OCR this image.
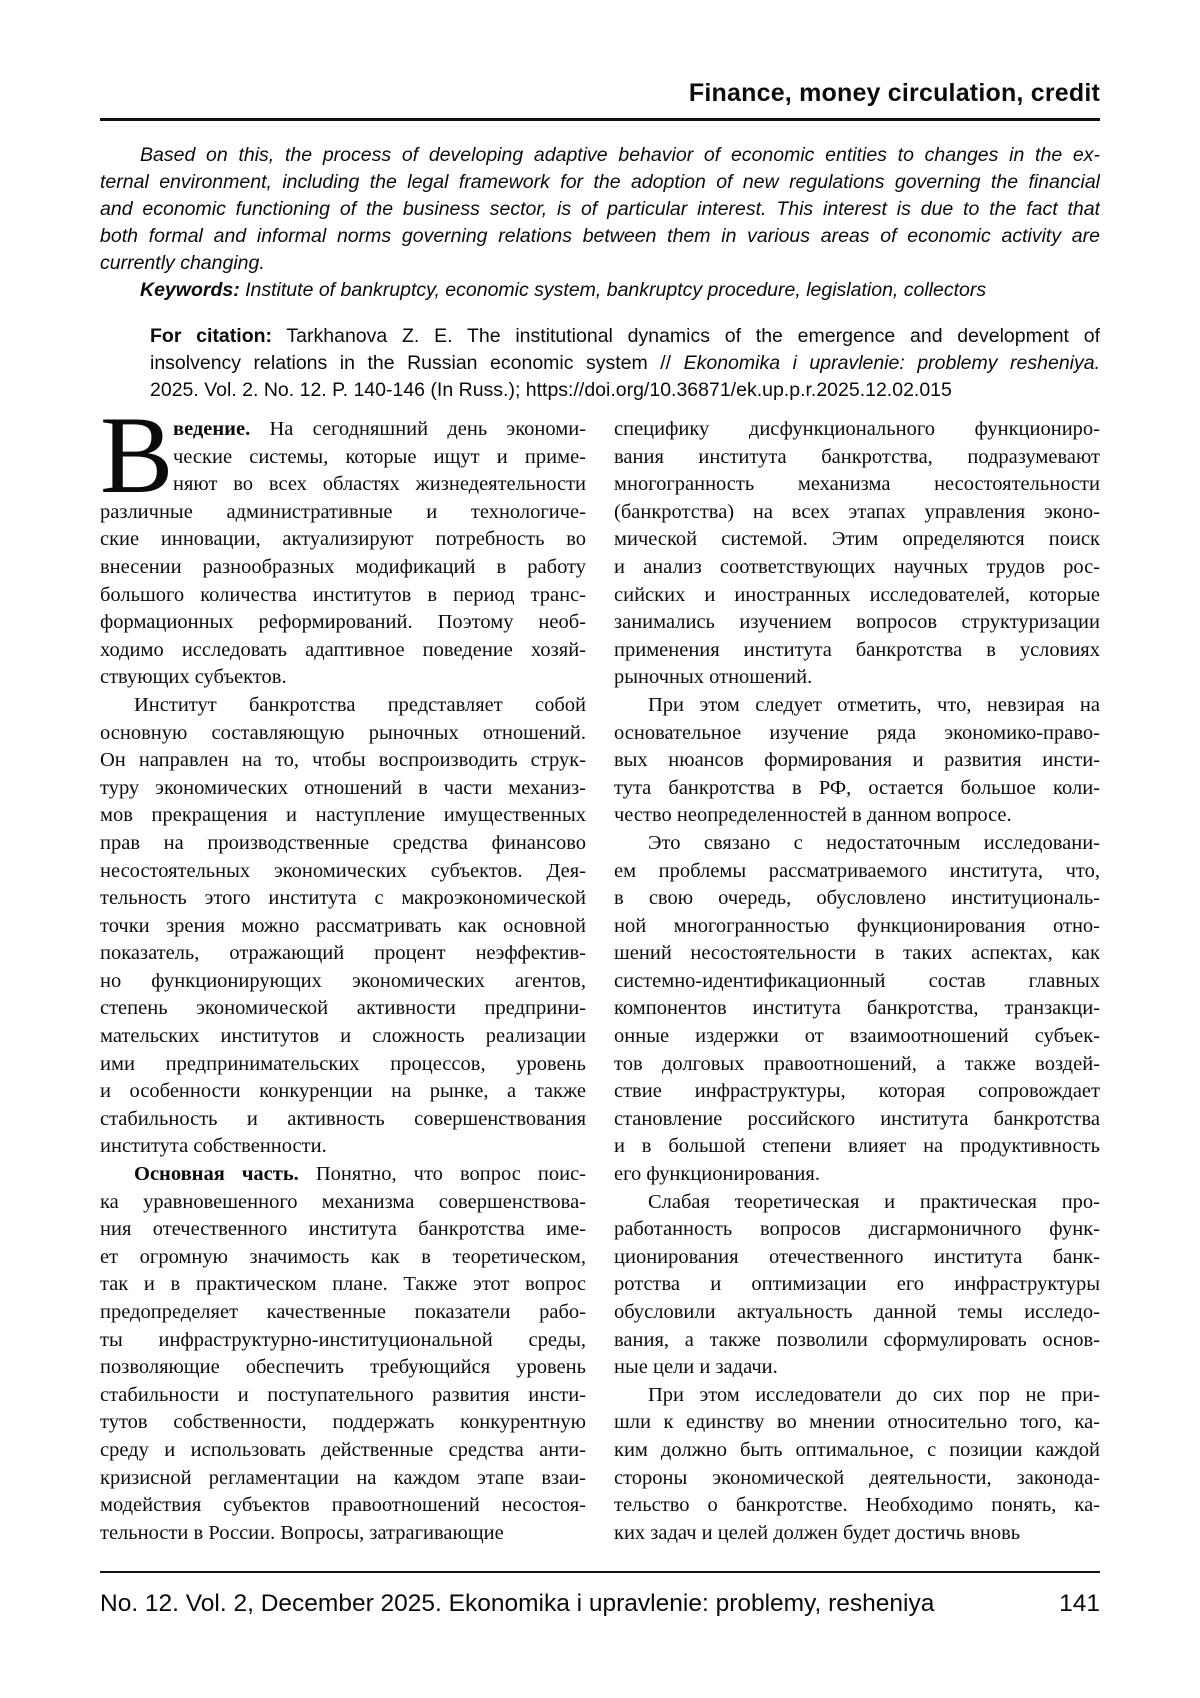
Finance, money circulation, credit
Based on this, the process of developing adaptive behavior of economic entities to changes in the ex-
ternal environment, including the legal framework for the adoption of new regulations governing the financial
and economic functioning of the business sector, is of particular interest. This interest is due to the fact that
both formal and informal norms governing relations between them in various areas of economic activity are
currently changing.
Keywords: Institute of bankruptcy, economic system, bankruptcy procedure, legislation, collectors
For citation: Tarkhanova Z. E. The institutional dynamics of the emergence and development of
insolvency relations in the Russian economic system // Ekonomika i upravlenie: problemy resheniya.
2025. Vol. 2. No. 12. P. 140-146 (In Russ.); https://doi.org/10.36871/ek.up.p.r.2025.12.02.015
В ведение. На сегодняшний день экономи-
ческие системы, которые ищут и приме-
няют во всех областях жизнедеятельности
различные административные и технологиче-
ские инновации, актуализируют потребность во
внесении разнообразных модификаций в работу
большого количества институтов в период транс-
формационных реформирований. Поэтому необ-
ходимо исследовать адаптивное поведение хозяй-
ствующих субъектов.
Институт банкротства представляет собой
основную составляющую рыночных отношений.
Он направлен на то, чтобы воспроизводить струк-
туру экономических отношений в части механиз-
мов прекращения и наступление имущественных
прав на производственные средства финансово
несостоятельных экономических субъектов. Дея-
тельность этого института с макроэкономической
точки зрения можно рассматривать как основной
показатель, отражающий процент неэффектив-
но функционирующих экономических агентов,
степень экономической активности предприни-
мательских институтов и сложность реализации
ими предпринимательских процессов, уровень
и особенности конкуренции на рынке, а также
стабильность и активность совершенствования
института собственности.
Основная часть. Понятно, что вопрос поис-
ка уравновешенного механизма совершенствова-
ния отечественного института банкротства име-
ет огромную значимость как в теоретическом,
так и в практическом плане. Также этот вопрос
предопределяет качественные показатели рабо-
ты инфраструктурно-институциональной среды,
позволяющие обеспечить требующийся уровень
стабильности и поступательного развития инсти-
тутов собственности, поддержать конкурентную
среду и использовать действенные средства анти-
кризисной регламентации на каждом этапе взаи-
модействия субъектов правоотношений несостоя-
тельности в России. Вопросы, затрагивающие
специфику дисфункционального функциониро-
вания института банкротства, подразумевают
многогранность механизма несостоятельности
(банкротства) на всех этапах управления эконо-
мической системой. Этим определяются поиск
и анализ соответствующих научных трудов рос-
сийских и иностранных исследователей, которые
занимались изучением вопросов структуризации
применения института банкротства в условиях
рыночных отношений.
При этом следует отметить, что, невзирая на
основательное изучение ряда экономико-право-
вых нюансов формирования и развития инсти-
тута банкротства в РФ, остается большое коли-
чество неопределенностей в данном вопросе.
Это связано с недостаточным исследовани-
ем проблемы рассматриваемого института, что,
в свою очередь, обусловлено институциональ-
ной многогранностью функционирования отно-
шений несостоятельности в таких аспектах, как
системно-идентификационный состав главных
компонентов института банкротства, транзакци-
онные издержки от взаимоотношений субъек-
тов долговых правоотношений, а также воздей-
ствие инфраструктуры, которая сопровождает
становление российского института банкротства
и в большой степени влияет на продуктивность
его функционирования.
Слабая теоретическая и практическая про-
работанность вопросов дисгармоничного функ-
ционирования отечественного института банк-
ротства и оптимизации его инфраструктуры
обусловили актуальность данной темы исследо-
вания, а также позволили сформулировать основ-
ные цели и задачи.
При этом исследователи до сих пор не при-
шли к единству во мнении относительно того, ка-
ким должно быть оптимальное, с позиции каждой
стороны экономической деятельности, законода-
тельство о банкротстве. Необходимо понять, ка-
ких задач и целей должен будет достичь вновь
No. 12. Vol. 2, December 2025. Ekonomika i upravlenie: problemy, resheniya	141
